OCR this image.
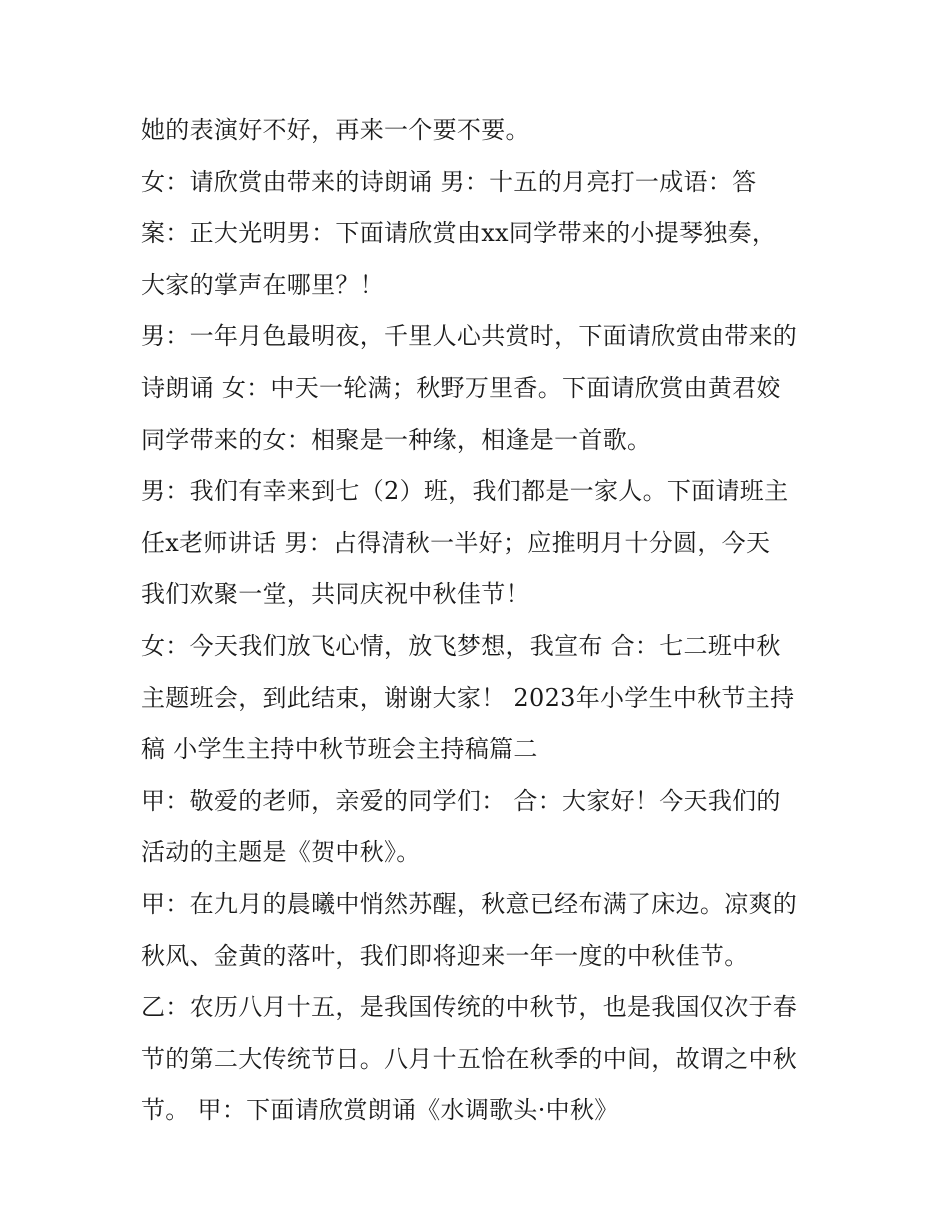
她的表演好不好，再来一个要不要。
女：请欣赏由带来的诗朗诵 男：十五的月亮打一成语：答
案：正大光明男：下面请欣赏由xx同学带来的小提琴独奏，
大家的掌声在哪里？！
男：一年月色最明夜，千里人心共赏时，下面请欣赏由带来的
诗朗诵 女：中天一轮满；秋野万里香。下面请欣赏由黄君姣
同学带来的女：相聚是一种缘，相逢是一首歌。
男：我们有幸来到七（2）班，我们都是一家人。下面请班主
任x老师讲话 男：占得清秋一半好；应推明月十分圆，今天
我们欢聚一堂，共同庆祝中秋佳节！
女：今天我们放飞心情，放飞梦想，我宣布 合：七二班中秋
主题班会，到此结束，谢谢大家！ 2023年小学生中秋节主持
稿 小学生主持中秋节班会主持稿篇二
甲：敬爱的老师，亲爱的同学们： 合：大家好！今天我们的
活动的主题是《贺中秋》。
甲：在九月的晨曦中悄然苏醒，秋意已经布满了床边。凉爽的
秋风、金黄的落叶，我们即将迎来一年一度的中秋佳节。
乙：农历八月十五，是我国传统的中秋节，也是我国仅次于春
节的第二大传统节日。八月十五恰在秋季的中间，故谓之中秋
节。 甲：下面请欣赏朗诵《水调歌头·中秋》
